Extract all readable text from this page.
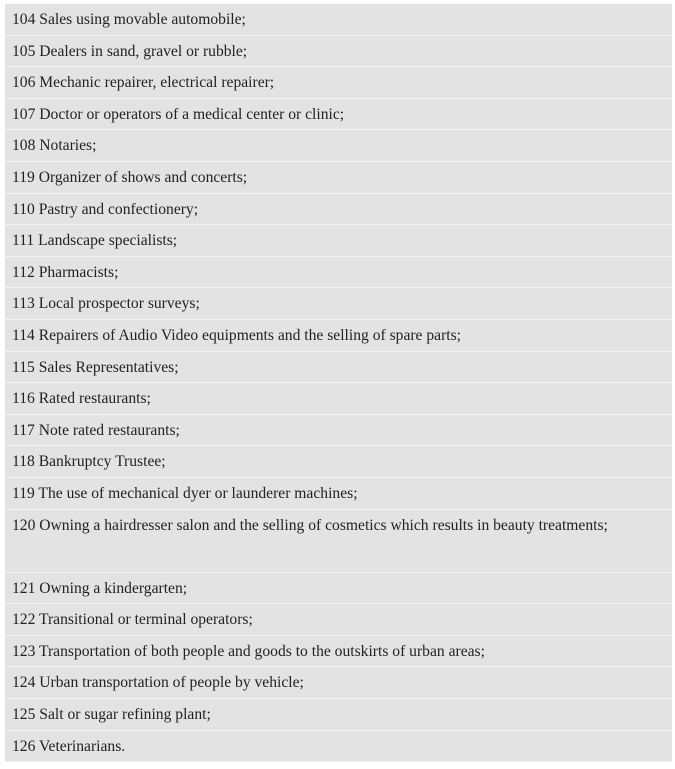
104 Sales using movable automobile;
105 Dealers in sand, gravel or rubble;
106 Mechanic repairer, electrical repairer;
107 Doctor or operators of a medical center or clinic;
108 Notaries;
119 Organizer of shows and concerts;
110 Pastry and confectionery;
111 Landscape specialists;
112 Pharmacists;
113 Local prospector surveys;
114 Repairers of Audio Video equipments and the selling of spare parts;
115 Sales Representatives;
116 Rated restaurants;
117 Note rated restaurants;
118 Bankruptcy Trustee;
119 The use of mechanical dyer or launderer machines;
120 Owning a hairdresser salon and the selling of cosmetics which results in beauty treatments;
121 Owning a kindergarten;
122 Transitional or terminal operators;
123 Transportation of both people and goods to the outskirts of urban areas;
124 Urban transportation of people by vehicle;
125 Salt or sugar refining plant;
126 Veterinarians.
